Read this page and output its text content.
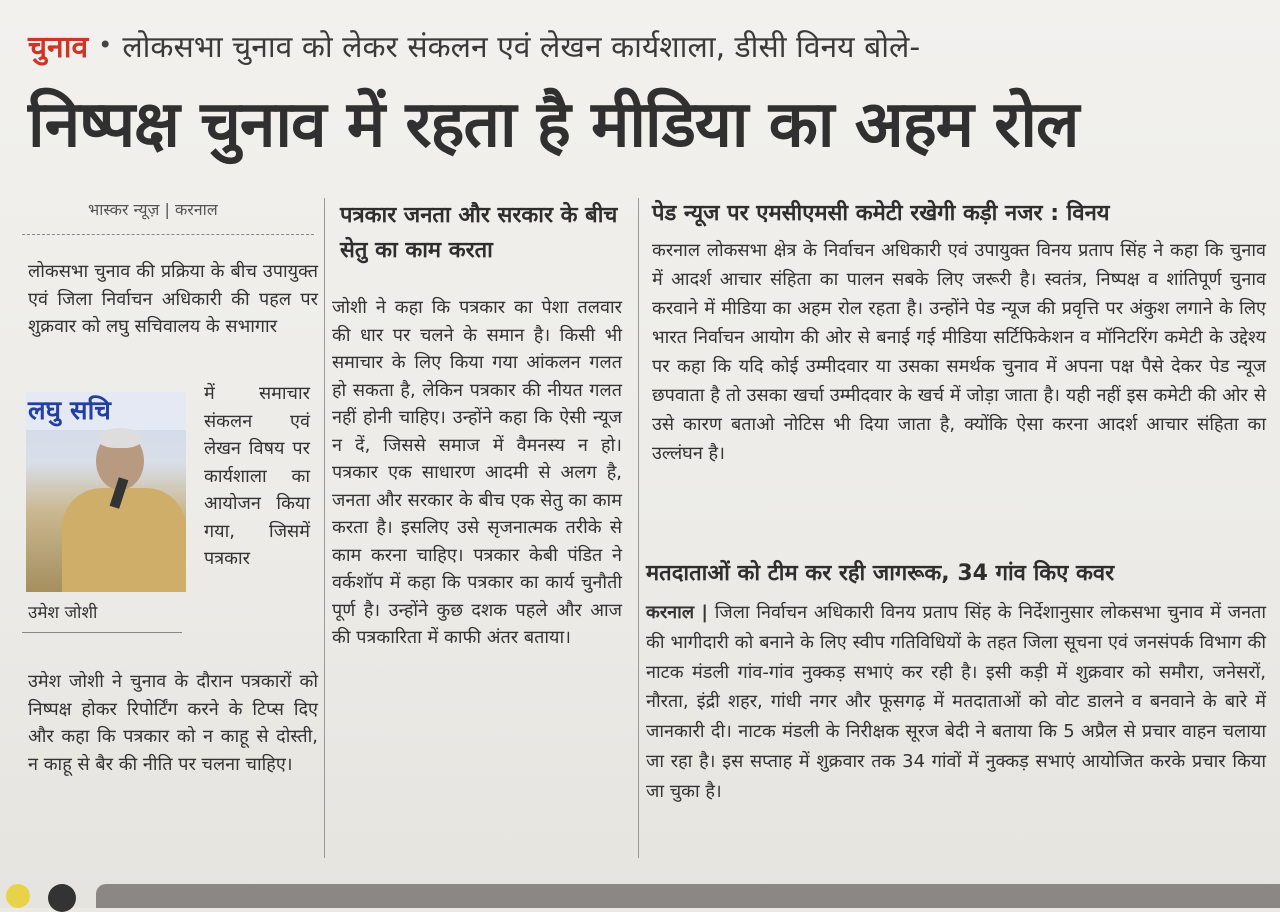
चुनाव • लोकसभा चुनाव को लेकर संकलन एवं लेखन कार्यशाला, डीसी विनय बोले-
निष्पक्ष चुनाव में रहता है मीडिया का अहम रोल
भास्कर न्यूज़ | करनाल

लोकसभा चुनाव की प्रक्रिया के बीच उपायुक्त एवं जिला निर्वाचन अधिकारी की पहल पर शुक्रवार को लघु सचिवालय के सभागार

लघु सचि
उमेश जोशी

में समाचार संकलन एवं लेखन विषय पर कार्यशाला का आयोजन किया गया, जिसमें पत्रकार

उमेश जोशी ने चुनाव के दौरान पत्रकारों को निष्पक्ष होकर रिपोर्टिंग करने के टिप्स दिए और कहा कि पत्रकार को न काहू से दोस्ती, न काहू से बैर की नीति पर चलना चाहिए।

पत्रकार जनता और सरकार के बीच सेतु का काम करता

जोशी ने कहा कि पत्रकार का पेशा तलवार की धार पर चलने के समान है। किसी भी समाचार के लिए किया गया आंकलन गलत हो सकता है, लेकिन पत्रकार की नीयत गलत नहीं होनी चाहिए। उन्होंने कहा कि ऐसी न्यूज न दें, जिससे समाज में वैमनस्य न हो। पत्रकार एक साधारण आदमी से अलग है, जनता और सरकार के बीच एक सेतु का काम करता है। इसलिए उसे सृजनात्मक तरीके से काम करना चाहिए। पत्रकार केबी पंडित ने वर्कशॉप में कहा कि पत्रकार का कार्य चुनौती पूर्ण है। उन्होंने कुछ दशक पहले और आज की पत्रकारिता में काफी अंतर बताया।

पेड न्यूज पर एमसीएमसी कमेटी रखेगी कड़ी नजर : विनय

करनाल लोकसभा क्षेत्र के निर्वाचन अधिकारी एवं उपायुक्त विनय प्रताप सिंह ने कहा कि चुनाव में आदर्श आचार संहिता का पालन सबके लिए जरूरी है। स्वतंत्र, निष्पक्ष व शांतिपूर्ण चुनाव करवाने में मीडिया का अहम रोल रहता है। उन्होंने पेड न्यूज की प्रवृत्ति पर अंकुश लगाने के लिए भारत निर्वाचन आयोग की ओर से बनाई गई मीडिया सर्टिफिकेशन व मॉनिटरिंग कमेटी के उद्देश्य पर कहा कि यदि कोई उम्मीदवार या उसका समर्थक चुनाव में अपना पक्ष पैसे देकर पेड न्यूज छपवाता है तो उसका खर्चा उम्मीदवार के खर्च में जोड़ा जाता है। यही नहीं इस कमेटी की ओर से उसे कारण बताओ नोटिस भी दिया जाता है, क्योंकि ऐसा करना आदर्श आचार संहिता का उल्लंघन है।

मतदाताओं को टीम कर रही जागरूक, 34 गांव किए कवर

करनाल | जिला निर्वाचन अधिकारी विनय प्रताप सिंह के निर्देशानुसार लोकसभा चुनाव में जनता की भागीदारी को बनाने के लिए स्वीप गतिविधियों के तहत जिला सूचना एवं जनसंपर्क विभाग की नाटक मंडली गांव-गांव नुक्कड़ सभाएं कर रही है। इसी कड़ी में शुक्रवार को समौरा, जनेसरों, नौरता, इंद्री शहर, गांधी नगर और फूसगढ़ में मतदाताओं को वोट डालने व बनवाने के बारे में जानकारी दी। नाटक मंडली के निरीक्षक सूरज बेदी ने बताया कि 5 अप्रैल से प्रचार वाहन चलाया जा रहा है। इस सप्ताह में शुक्रवार तक 34 गांवों में नुक्कड़ सभाएं आयोजित करके प्रचार किया जा चुका है।
